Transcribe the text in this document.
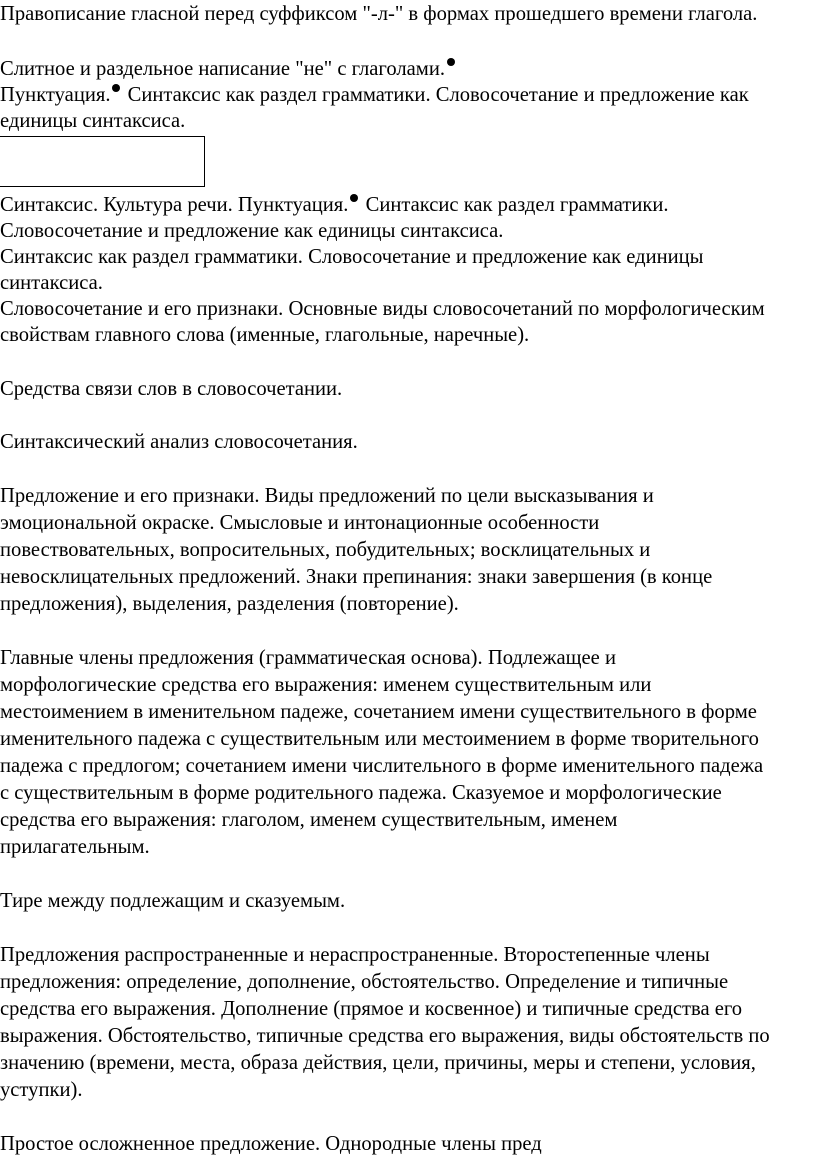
Правописание гласной перед суффиксом "-л-" в формах прошедшего времени глагола.
Слитное и раздельное написание "не" с глаголами.
Пунктуация. Синтаксис как раздел грамматики. Словосочетание и предложение как
единицы синтаксиса.
Синтаксис. Культура речи. Пунктуация. Синтаксис как раздел грамматики.
Словосочетание и предложение как единицы синтаксиса.
Синтаксис как раздел грамматики. Словосочетание и предложение как единицы
синтаксиса.
Словосочетание и его признаки. Основные виды словосочетаний по морфологическим
свойствам главного слова (именные, глагольные, наречные).
Средства связи слов в словосочетании.
Синтаксический анализ словосочетания.
Предложение и его признаки. Виды предложений по цели высказывания и
эмоциональной окраске. Смысловые и интонационные особенности
повествовательных, вопросительных, побудительных; восклицательных и
невосклицательных предложений. Знаки препинания: знаки завершения (в конце
предложения), выделения, разделения (повторение).
Главные члены предложения (грамматическая основа). Подлежащее и
морфологические средства его выражения: именем существительным или
местоимением в именительном падеже, сочетанием имени существительного в форме
именительного падежа с существительным или местоимением в форме творительного
падежа с предлогом; сочетанием имени числительного в форме именительного падежа
с существительным в форме родительного падежа. Сказуемое и морфологические
средства его выражения: глаголом, именем существительным, именем
прилагательным.
Тире между подлежащим и сказуемым.
Предложения распространенные и нераспространенные. Второстепенные члены
предложения: определение, дополнение, обстоятельство. Определение и типичные
средства его выражения. Дополнение (прямое и косвенное) и типичные средства его
выражения. Обстоятельство, типичные средства его выражения, виды обстоятельств по
значению (времени, места, образа действия, цели, причины, меры и степени, условия,
уступки).
Простое осложненное предложение. Однородные члены пред
